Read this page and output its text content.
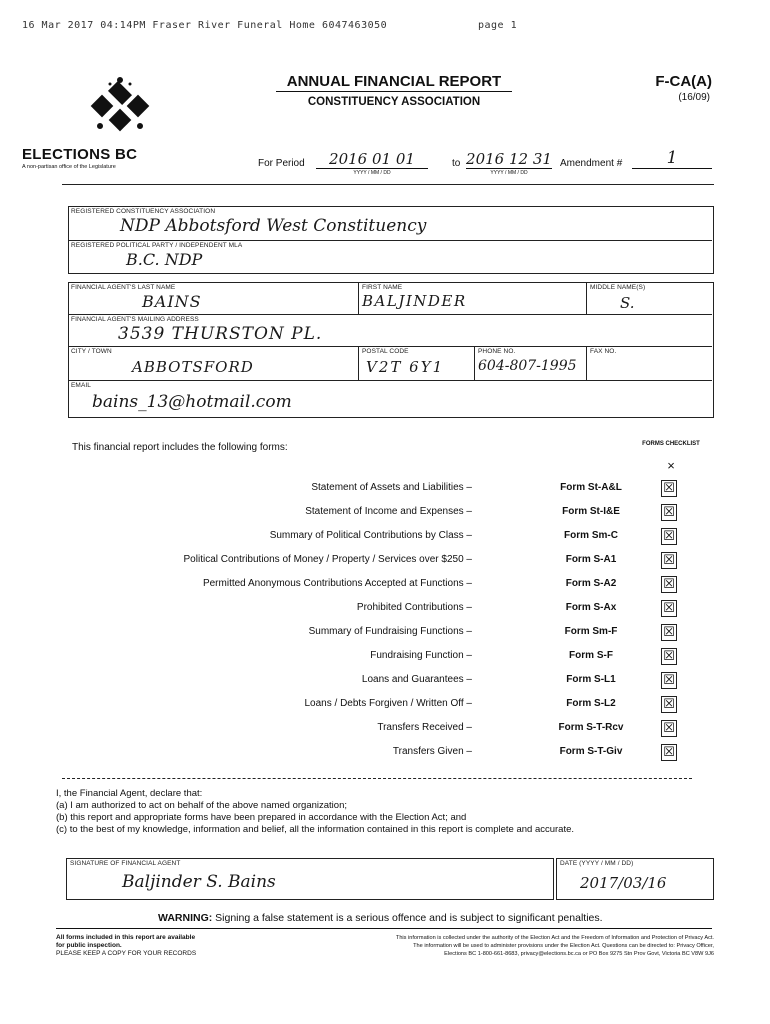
16 Mar 2017 04:14PM Fraser River Funeral Home 6047463050	page 1
ELECTIONS BC
A non-partisan office of the Legislature
ANNUAL FINANCIAL REPORT
CONSTITUENCY ASSOCIATION
F-CA(A)
(16/09)
For Period	2016 01 01
YYYY / MM / DD
to 2016 12 31
YYYY / MM / DD
Amendment #	1
REGISTERED CONSTITUENCY ASSOCIATION
NDP Abbotsford West Constituency
REGISTERED POLITICAL PARTY / INDEPENDENT MLA
B.C. NDP
FINANCIAL AGENT'S LAST NAME
BAINS
FIRST NAME
BALJINDER
MIDDLE NAME(S)
S.
FINANCIAL AGENT'S MAILING ADDRESS
3539 THURSTON PL.
CITY / TOWN
ABBOTSFORD
POSTAL CODE
V2T 6Y1
PHONE NO.
604-807-1995
FAX NO.
EMAIL
bains_13@hotmail.com
This financial report includes the following forms:	FORMS CHECKLIST
×
Statement of Assets and Liabilities –	Form St-A&L	☒
Statement of Income and Expenses –	Form St-I&E	☒
Summary of Political Contributions by Class –	Form Sm-C	☒
Political Contributions of Money / Property / Services over $250 –	Form S-A1	☒
Permitted Anonymous Contributions Accepted at Functions –	Form S-A2	☒
Prohibited Contributions –	Form S-Ax	☒
Summary of Fundraising Functions –	Form Sm-F	☒
Fundraising Function –	Form S-F	☒
Loans and Guarantees –	Form S-L1	☒
Loans / Debts Forgiven / Written Off –	Form S-L2	☒
Transfers Received –	Form S-T-Rcv	☒
Transfers Given –	Form S-T-Giv	☒
I, the Financial Agent, declare that:
(a) I am authorized to act on behalf of the above named organization;
(b) this report and appropriate forms have been prepared in accordance with the Election Act; and
(c) to the best of my knowledge, information and belief, all the information contained in this report is complete and accurate.
SIGNATURE OF FINANCIAL AGENT
Baljinder S. Bains
DATE (YYYY / MM / DD)
2017/03/16
WARNING: Signing a false statement is a serious offence and is subject to significant penalties.
All forms included in this report are available
for public inspection.
PLEASE KEEP A COPY FOR YOUR RECORDS
This information is collected under the authority of the Election Act and the Freedom of Information and Protection of Privacy Act.
The information will be used to administer provisions under the Election Act. Questions can be directed to: Privacy Officer,
Elections BC 1-800-661-8683, privacy@elections.bc.ca or PO Box 9275 Stn Prov Govt, Victoria BC V8W 9J6
